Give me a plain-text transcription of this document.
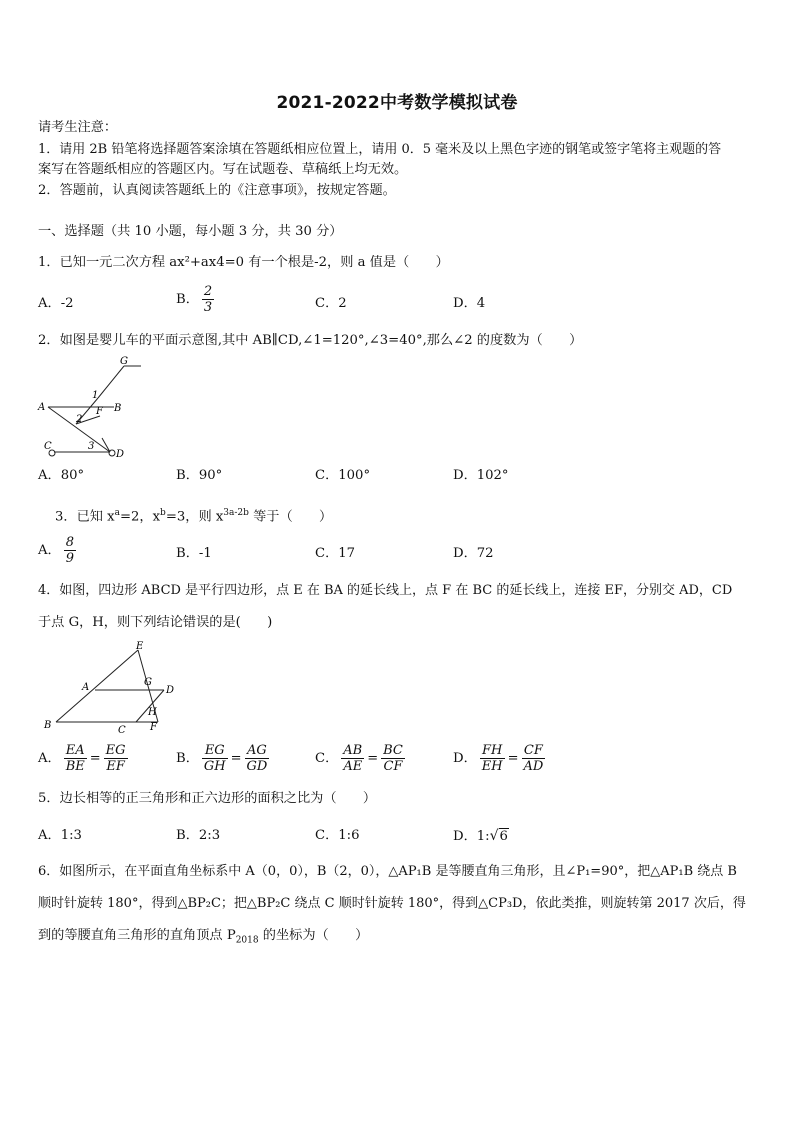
2021-2022中考数学模拟试卷
请考生注意：
1．请用 2B 铅笔将选择题答案涂填在答题纸相应位置上，请用 0．5 毫米及以上黑色字迹的钢笔或签字笔将主观题的答
案写在答题纸相应的答题区内。写在试题卷、草稿纸上均无效。
2．答题前，认真阅读答题纸上的《注意事项》，按规定答题。
一、选择题（共 10 小题，每小题 3 分，共 30 分）
1．已知一元二次方程 ax²+ax4=0 有一个根是-2，则 a 值是（　　）
A．-2	B． $\frac{2}{3}$	C．2	D．4
2．如图是婴儿车的平面示意图,其中 AB∥CD,∠1=120°,∠3=40°,那么∠2 的度数为（　　）
G
1
A
2
F B
C	3
D
A．80°	B．90°	C．100°	D．102°
3．已知 $x^a=2$，$x^b=3$，则 $x^{3a-2b}$ 等于（　　）
A． $\frac{8}{9}$	B．-1	C．17	D．72
4．如图，四边形 ABCD 是平行四边形，点 E 在 BA 的延长线上，点 F 在 BC 的延长线上，连接 EF，分别交 AD，CD
于点 G，H，则下列结论错误的是(　　)
E
A	G
D
H
B	C F
A． $\frac{EA}{BE} = \frac{EG}{EF}$	B． $\frac{EG}{GH} = \frac{AG}{GD}$	C． $\frac{AB}{AE} = \frac{BC}{CF}$	D． $\frac{FH}{EH} = \frac{CF}{AD}$
5．边长相等的正三角形和正六边形的面积之比为（　　）
A．1:3	B．2:3	C．1:6	D．1:√6
6．如图所示，在平面直角坐标系中 A（0，0），B（2，0），△AP₁B 是等腰直角三角形，且∠P₁=90°，把△AP₁B 绕点 B
顺时针旋转 180°，得到△BP₂C；把△BP₂C 绕点 C 顺时针旋转 180°，得到△CP₃D，依此类推，则旋转第 2017 次后，得
到的等腰直角三角形的直角顶点 $P_{2018}$ 的坐标为（　　）
